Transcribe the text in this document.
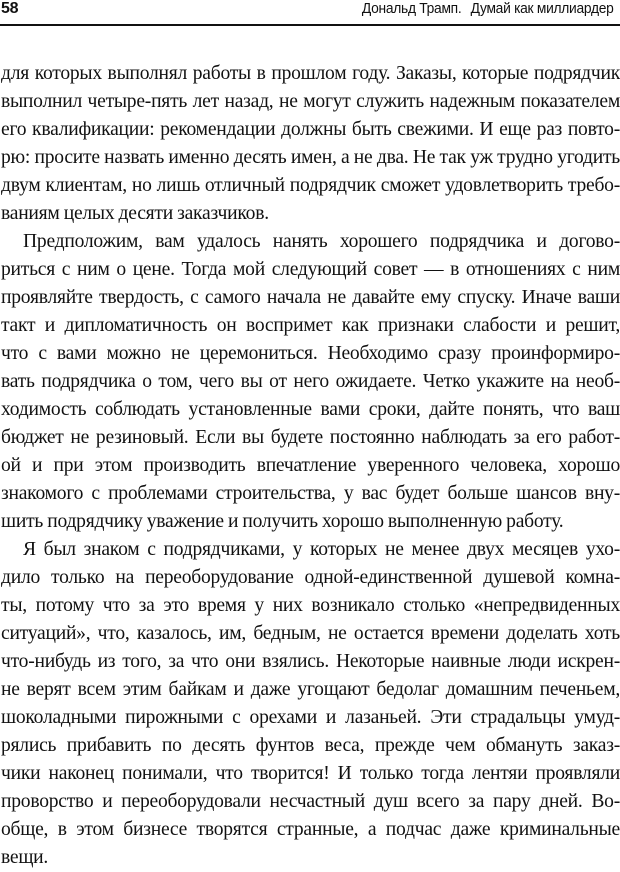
58	Дональд Трамп. Думай как миллиардер
для которых выполнял работы в прошлом году. Заказы, которые подрядчик
выполнил четыре-пять лет назад, не могут служить надежным показателем
его квалификации: рекомендации должны быть свежими. И еще раз повто-
рю: просите назвать именно десять имен, а не два. Не так уж трудно угодить
двум клиентам, но лишь отличный подрядчик сможет удовлетворить требо-
ваниям целых десяти заказчиков.
Предположим, вам удалось нанять хорошего подрядчика и догово-
риться с ним о цене. Тогда мой следующий совет — в отношениях с ним
проявляйте твердость, с самого начала не давайте ему спуску. Иначе ваши
такт и дипломатичность он воспримет как признаки слабости и решит,
что с вами можно не церемониться. Необходимо сразу проинформиро-
вать подрядчика о том, чего вы от него ожидаете. Четко укажите на необ-
ходимость соблюдать установленные вами сроки, дайте понять, что ваш
бюджет не резиновый. Если вы будете постоянно наблюдать за его работ-
ой и при этом производить впечатление уверенного человека, хорошо
знакомого с проблемами строительства, у вас будет больше шансов вну-
шить подрядчику уважение и получить хорошо выполненную работу.
Я был знаком с подрядчиками, у которых не менее двух месяцев ухо-
дило только на переоборудование одной-единственной душевой комна-
ты, потому что за это время у них возникало столько «непредвиденных
ситуаций», что, казалось, им, бедным, не остается времени доделать хоть
что-нибудь из того, за что они взялись. Некоторые наивные люди искрен-
не верят всем этим байкам и даже угощают бедолаг домашним печеньем,
шоколадными пирожными с орехами и лазаньей. Эти страдальцы умуд-
рялись прибавить по десять фунтов веса, прежде чем обмануть заказ-
чики наконец понимали, что творится! И только тогда лентяи проявляли
проворство и переоборудовали несчастный душ всего за пару дней. Во-
обще, в этом бизнесе творятся странные, а подчас даже криминальные
вещи.
